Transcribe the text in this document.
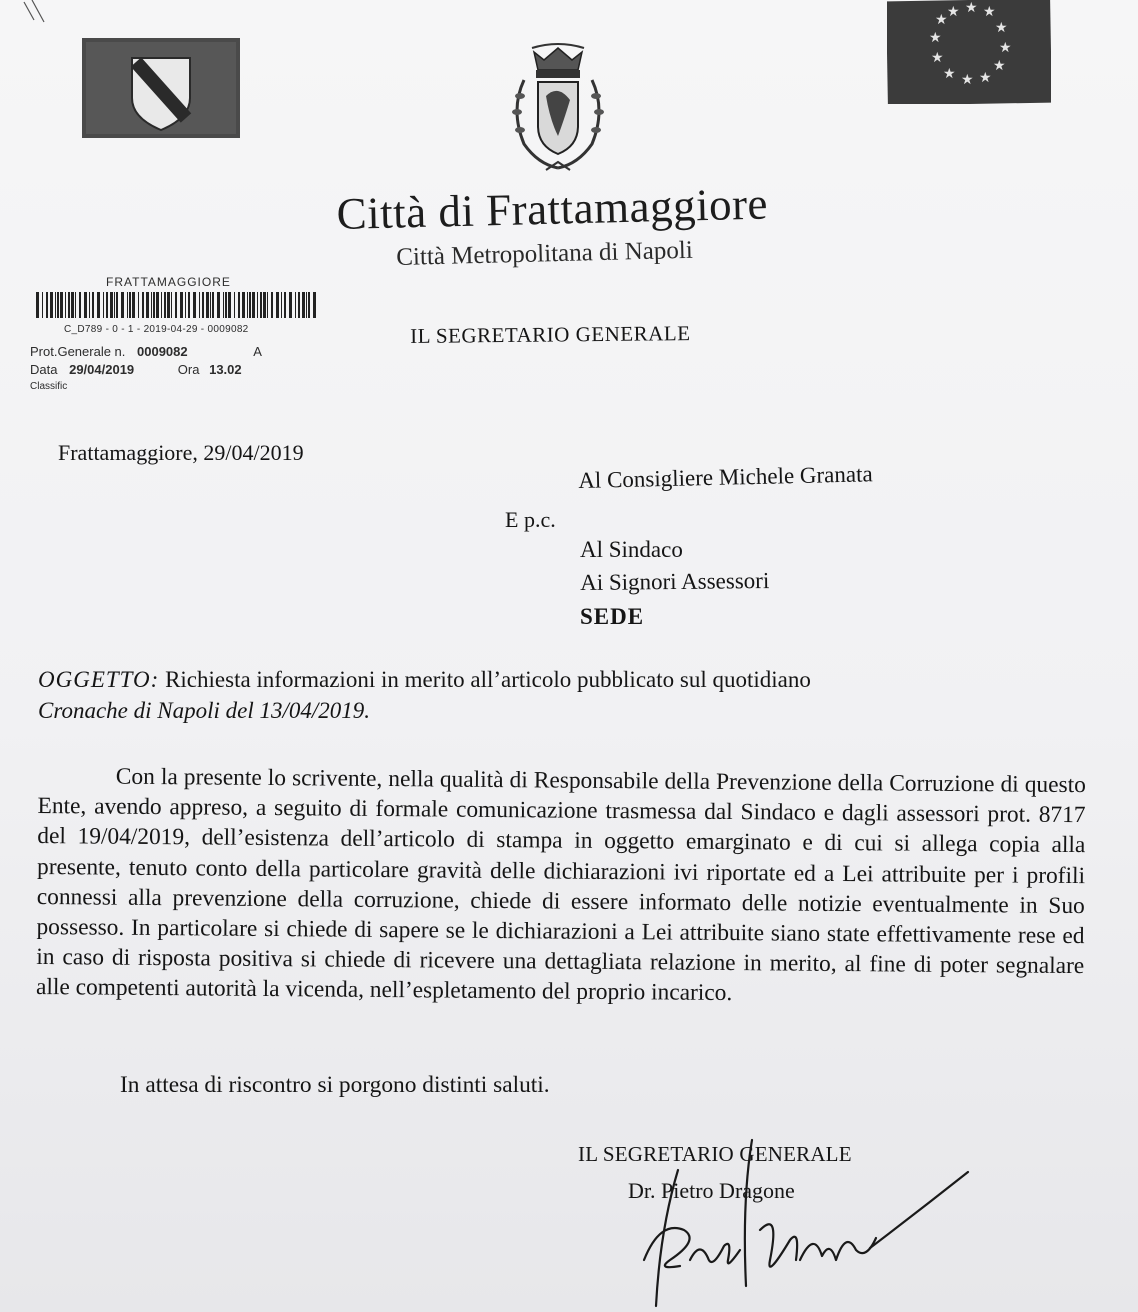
★ ★ ★
★
★
★
★
★
★
★
★
★
Città di Frattamaggiore
Città Metropolitana di Napoli
IL SEGRETARIO GENERALE
FRATTAMAGGIORE
C_D789 - 0 - 1 - 2019-04-29 - 0009082
Prot.Generale n. 0009082	A
Data 29/04/2019	Ora 13.02
Classific
Frattamaggiore, 29/04/2019
Al Consigliere Michele Granata
E p.c.
Al Sindaco
Ai Signori Assessori
SEDE
OGGETTO: Richiesta informazioni in merito all’articolo pubblicato sul quotidiano
Cronache di Napoli del 13/04/2019.
Con la presente lo scrivente, nella qualità di Responsabile della Prevenzione della Corruzione di questo Ente, avendo appreso, a seguito di formale comunicazione trasmessa dal Sindaco e dagli assessori prot. 8717 del 19/04/2019, dell’esistenza dell’articolo di stampa in oggetto emarginato e di cui si allega copia alla presente, tenuto conto della particolare gravità delle dichiarazioni ivi riportate ed a Lei attribuite per i profili connessi alla prevenzione della corruzione, chiede di essere informato delle notizie eventualmente in Suo possesso. In particolare si chiede di sapere se le dichiarazioni a Lei attribuite siano state effettivamente rese ed in caso di risposta positiva si chiede di ricevere una dettagliata relazione in merito, al fine di poter segnalare alle competenti autorità la vicenda, nell’espletamento del proprio incarico.
In attesa di riscontro si porgono distinti saluti.
IL SEGRETARIO GENERALE
Dr. Pietro Dragone
